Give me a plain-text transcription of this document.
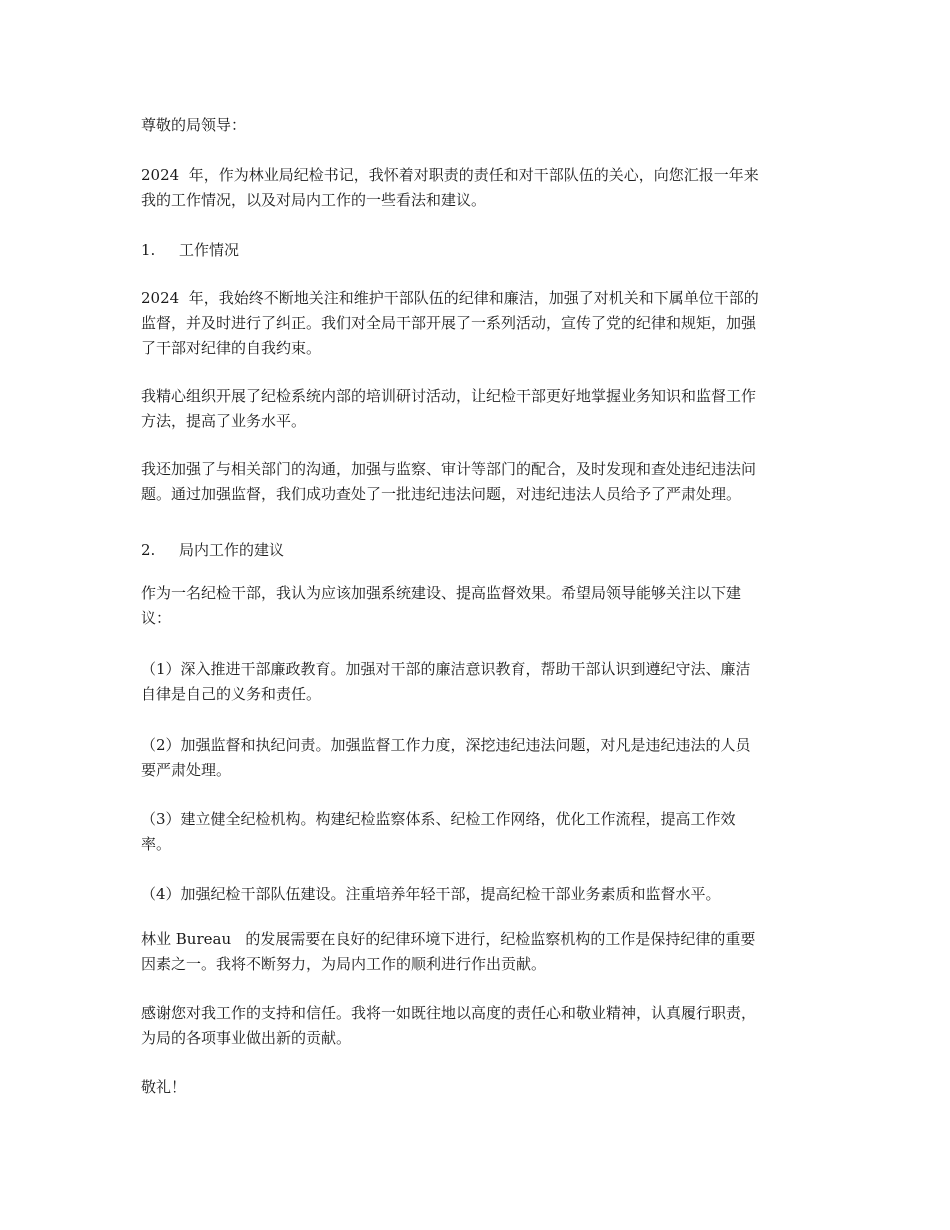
尊敬的局领导：
2024  年，作为林业局纪检书记，我怀着对职责的责任和对干部队伍的关心，向您汇报一年来
我的工作情况，以及对局内工作的一些看法和建议。
1. 工作情况
2024  年，我始终不断地关注和维护干部队伍的纪律和廉洁，加强了对机关和下属单位干部的
监督，并及时进行了纠正。我们对全局干部开展了一系列活动，宣传了党的纪律和规矩，加强
了干部对纪律的自我约束。
我精心组织开展了纪检系统内部的培训研讨活动，让纪检干部更好地掌握业务知识和监督工作
方法，提高了业务水平。
我还加强了与相关部门的沟通，加强与监察、审计等部门的配合，及时发现和查处违纪违法问
题。通过加强监督，我们成功查处了一批违纪违法问题，对违纪违法人员给予了严肃处理。
2. 局内工作的建议
作为一名纪检干部，我认为应该加强系统建设、提高监督效果。希望局领导能够关注以下建
议：
（1）深入推进干部廉政教育。加强对干部的廉洁意识教育，帮助干部认识到遵纪守法、廉洁
自律是自己的义务和责任。
（2）加强监督和执纪问责。加强监督工作力度，深挖违纪违法问题，对凡是违纪违法的人员
要严肃处理。
（3）建立健全纪检机构。构建纪检监察体系、纪检工作网络，优化工作流程，提高工作效
率。
（4）加强纪检干部队伍建设。注重培养年轻干部，提高纪检干部业务素质和监督水平。
林业 Bureau   的发展需要在良好的纪律环境下进行，纪检监察机构的工作是保持纪律的重要
因素之一。我将不断努力，为局内工作的顺利进行作出贡献。
感谢您对我工作的支持和信任。我将一如既往地以高度的责任心和敬业精神，认真履行职责，
为局的各项事业做出新的贡献。
敬礼！
